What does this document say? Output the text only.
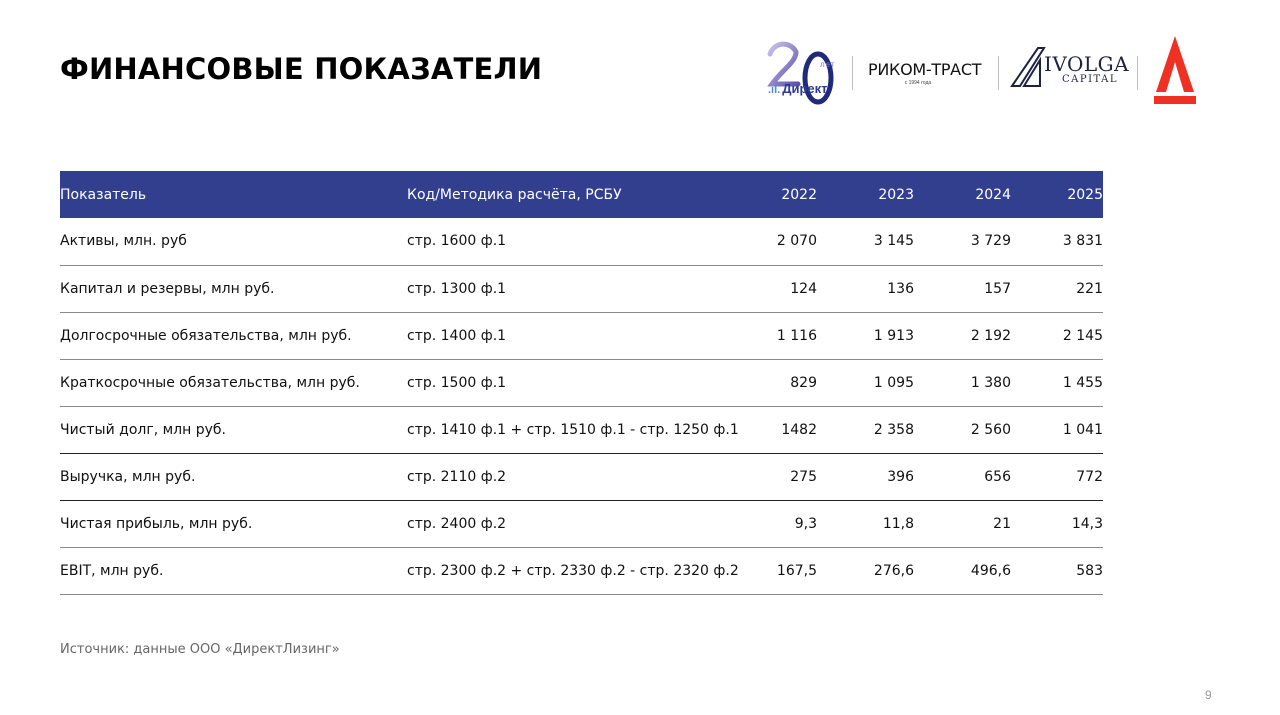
ФИНАНСОВЫЕ ПОКАЗАТЕЛИ	лет
.ıl. Директ
РИКОМ-ТРАСТ
с 1994 года
IVOLGA
CAPITAL
Показатель	Код/Методика расчёта, РСБУ	2022	2023	2024	2025
Активы, млн. руб	стр. 1600 ф.1	2 070	3 145	3 729	3 831
Капитал и резервы, млн руб.	стр. 1300 ф.1	124	136	157	221
Долгосрочные обязательства, млн руб.	стр. 1400 ф.1	1 116	1 913	2 192	2 145
Краткосрочные обязательства, млн руб.	стр. 1500 ф.1	829	1 095	1 380	1 455
Чистый долг, млн руб.	стр. 1410 ф.1 + стр. 1510 ф.1 - стр. 1250 ф.1	1482	2 358	2 560	1 041
Выручка, млн руб.	стр. 2110 ф.2	275	396	656	772
Чистая прибыль, млн руб.	стр. 2400 ф.2	9,3	11,8	21	14,3
EBIT, млн руб.	стр. 2300 ф.2 + стр. 2330 ф.2 - стр. 2320 ф.2	167,5	276,6	496,6	583
Источник: данные ООО «ДиректЛизинг»
9
